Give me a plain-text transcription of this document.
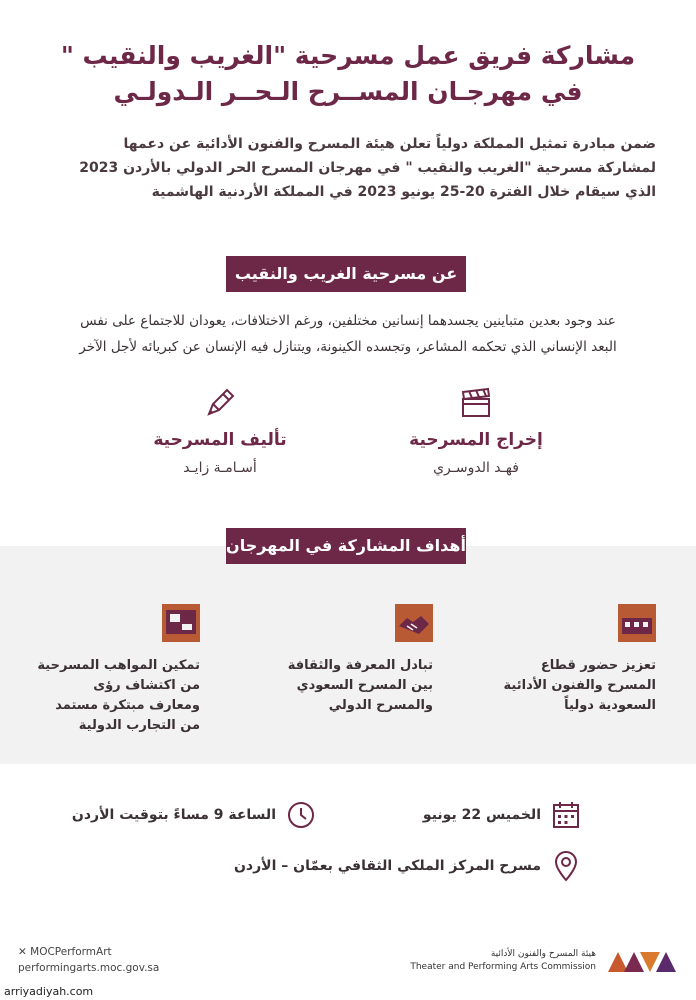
مشاركة فريق عمل مسرحية "الغريب والنقيب "
في مهرجـان المســرح الـحــر الـدولـي
ضمن مبادرة تمثيل المملكة دولياً تعلن هيئة المسرح والفنون الأدائية عن دعمها
لمشاركة مسرحية "الغريب والنقيب " في مهرجان المسرح الحر الدولي بالأردن 2023
الذي سيقام خلال الفترة 20-25 يونيو 2023 في المملكة الأردنية الهاشمية
عن مسرحية الغريب والنقيب
عند وجود بعدين متباينين يجسدهما إنسانين مختلفين، ورغم الاختلافات، يعودان للاجتماع على نفس
البعد الإنساني الذي تحكمه المشاعر، وتجسده الكينونة، ويتنازل فيه الإنسان عن كبريائه لأجل الآخر
إخراج المسرحية
فهـد الدوسـري
تأليف المسرحية
أسـامـة زايـد
أهداف المشاركة في المهرجان
تعزيز حضور قطاع
المسرح والفنون الأدائية
السعودية دولياً
تبادل المعرفة والثقافة
بين المسرح السعودي
والمسرح الدولي
تمكين المواهب المسرحية
من اكتشاف رؤى
ومعارف مبتكرة مستمد
من التجارب الدولية
الخميس 22 يونيو
الساعة 9 مساءً بتوقيت الأردن
مسرح المركز الملكي الثقافي بعمّان – الأردن
✕ MOCPerformArt
performingarts.moc.gov.sa
هيئة المسرح والفنون الأدائية
Theater and Performing Arts Commission
arriyadiyah.com
